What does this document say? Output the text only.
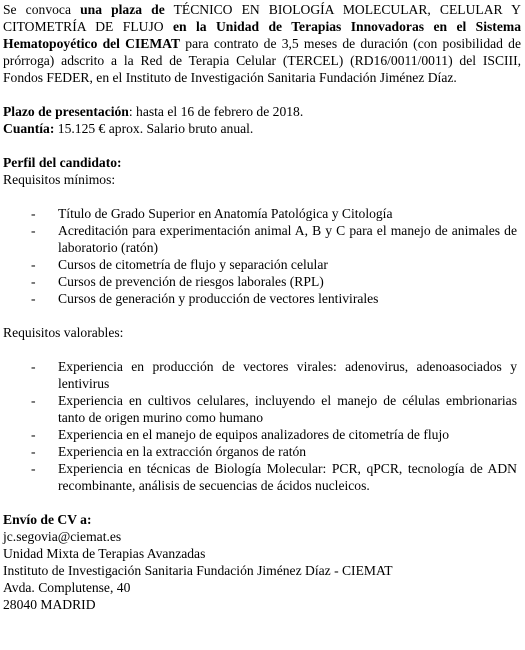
Se convoca una plaza de TÉCNICO EN BIOLOGÍA MOLECULAR, CELULAR Y CITOMETRÍA DE FLUJO en la Unidad de Terapias Innovadoras en el Sistema Hematopoyético del CIEMAT para contrato de 3,5 meses de duración (con posibilidad de prórroga) adscrito a la Red de Terapia Celular (TERCEL) (RD16/0011/0011) del ISCIII, Fondos FEDER, en el Instituto de Investigación Sanitaria Fundación Jiménez Díaz.

Plazo de presentación: hasta el 16 de febrero de 2018.

Cuantía: 15.125 € aprox. Salario bruto anual.

Perfil del candidato:

Requisitos mínimos:

- Título de Grado Superior en Anatomía Patológica y Citología
- Acreditación para experimentación animal A, B y C para el manejo de animales de laboratorio (ratón)
- Cursos de citometría de flujo y separación celular
- Cursos de prevención de riesgos laborales (RPL)
- Cursos de generación y producción de vectores lentivirales

Requisitos valorables:

- Experiencia en producción de vectores virales: adenovirus, adenoasociados y lentivirus
- Experiencia en cultivos celulares, incluyendo el manejo de células embrionarias tanto de origen murino como humano
- Experiencia en el manejo de equipos analizadores de citometría de flujo
- Experiencia en la extracción órganos de ratón
- Experiencia en técnicas de Biología Molecular: PCR, qPCR, tecnología de ADN recombinante, análisis de secuencias de ácidos nucleicos.

Envío de CV a:

jc.segovia@ciemat.es

Unidad Mixta de Terapias Avanzadas

Instituto de Investigación Sanitaria Fundación Jiménez Díaz - CIEMAT

Avda. Complutense, 40

28040 MADRID
